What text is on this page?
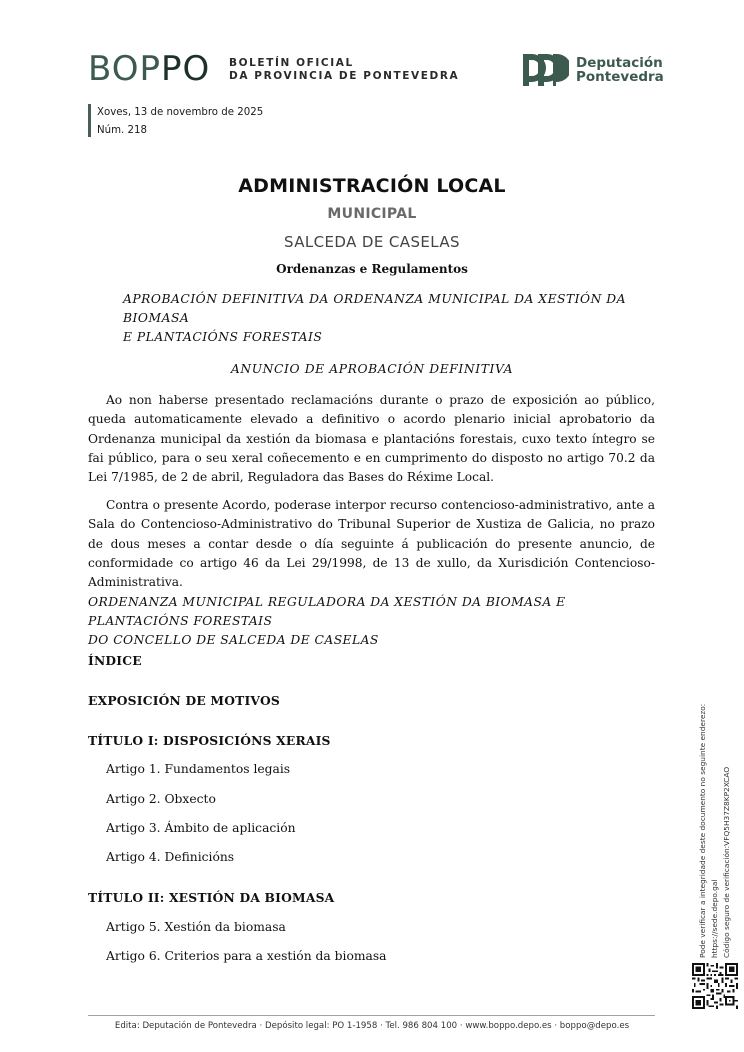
BOPPO BOLETÍN OFICIAL
DA PROVINCIA DE PONTEVEDRA
Deputación
Pontevedra
Xoves, 13 de novembro de 2025
Núm. 218
ADMINISTRACIÓN LOCAL
MUNICIPAL
SALCEDA DE CASELAS
Ordenanzas e Regulamentos
APROBACIÓN DEFINITIVA DA ORDENANZA MUNICIPAL DA XESTIÓN DA BIOMASA
E PLANTACIÓNS FORESTAIS
ANUNCIO DE APROBACIÓN DEFINITIVA
Ao non haberse presentado reclamacións durante o prazo de exposición ao público, queda automaticamente elevado a definitivo o acordo plenario inicial aprobatorio da Ordenanza municipal da xestión da biomasa e plantacións forestais, cuxo texto íntegro se fai público, para o seu xeral coñecemento e en cumprimento do disposto no artigo 70.2 da Lei 7/1985, de 2 de abril, Reguladora das Bases do Réxime Local.
Contra o presente Acordo, poderase interpor recurso contencioso-administrativo, ante a Sala do Contencioso-Administrativo do Tribunal Superior de Xustiza de Galicia, no prazo de dous meses a contar desde o día seguinte á publicación do presente anuncio, de conformidade co artigo 46 da Lei 29/1998, de 13 de xullo, da Xurisdición Contencioso-Administrativa.
ORDENANZA MUNICIPAL REGULADORA DA XESTIÓN DA BIOMASA E PLANTACIÓNS FORESTAIS
DO CONCELLO DE SALCEDA DE CASELAS
ÍNDICE
EXPOSICIÓN DE MOTIVOS
TÍTULO I: DISPOSICIÓNS XERAIS
Artigo 1. Fundamentos legais
Artigo 2. Obxecto
Artigo 3. Ámbito de aplicación
Artigo 4. Definicións
TÍTULO II: XESTIÓN DA BIOMASA
Artigo 5. Xestión da biomasa
Artigo 6. Criterios para a xestión da biomasa	Pode verificar a integridade deste documento no seguinte enderezo: https://sede.depo.gal Código seguro de verificación:VFQ5H37Z8KP2XCAO
Edita: Deputación de Pontevedra · Depósito legal: PO 1-1958 · Tel. 986 804 100 · www.boppo.depo.es · boppo@depo.es
